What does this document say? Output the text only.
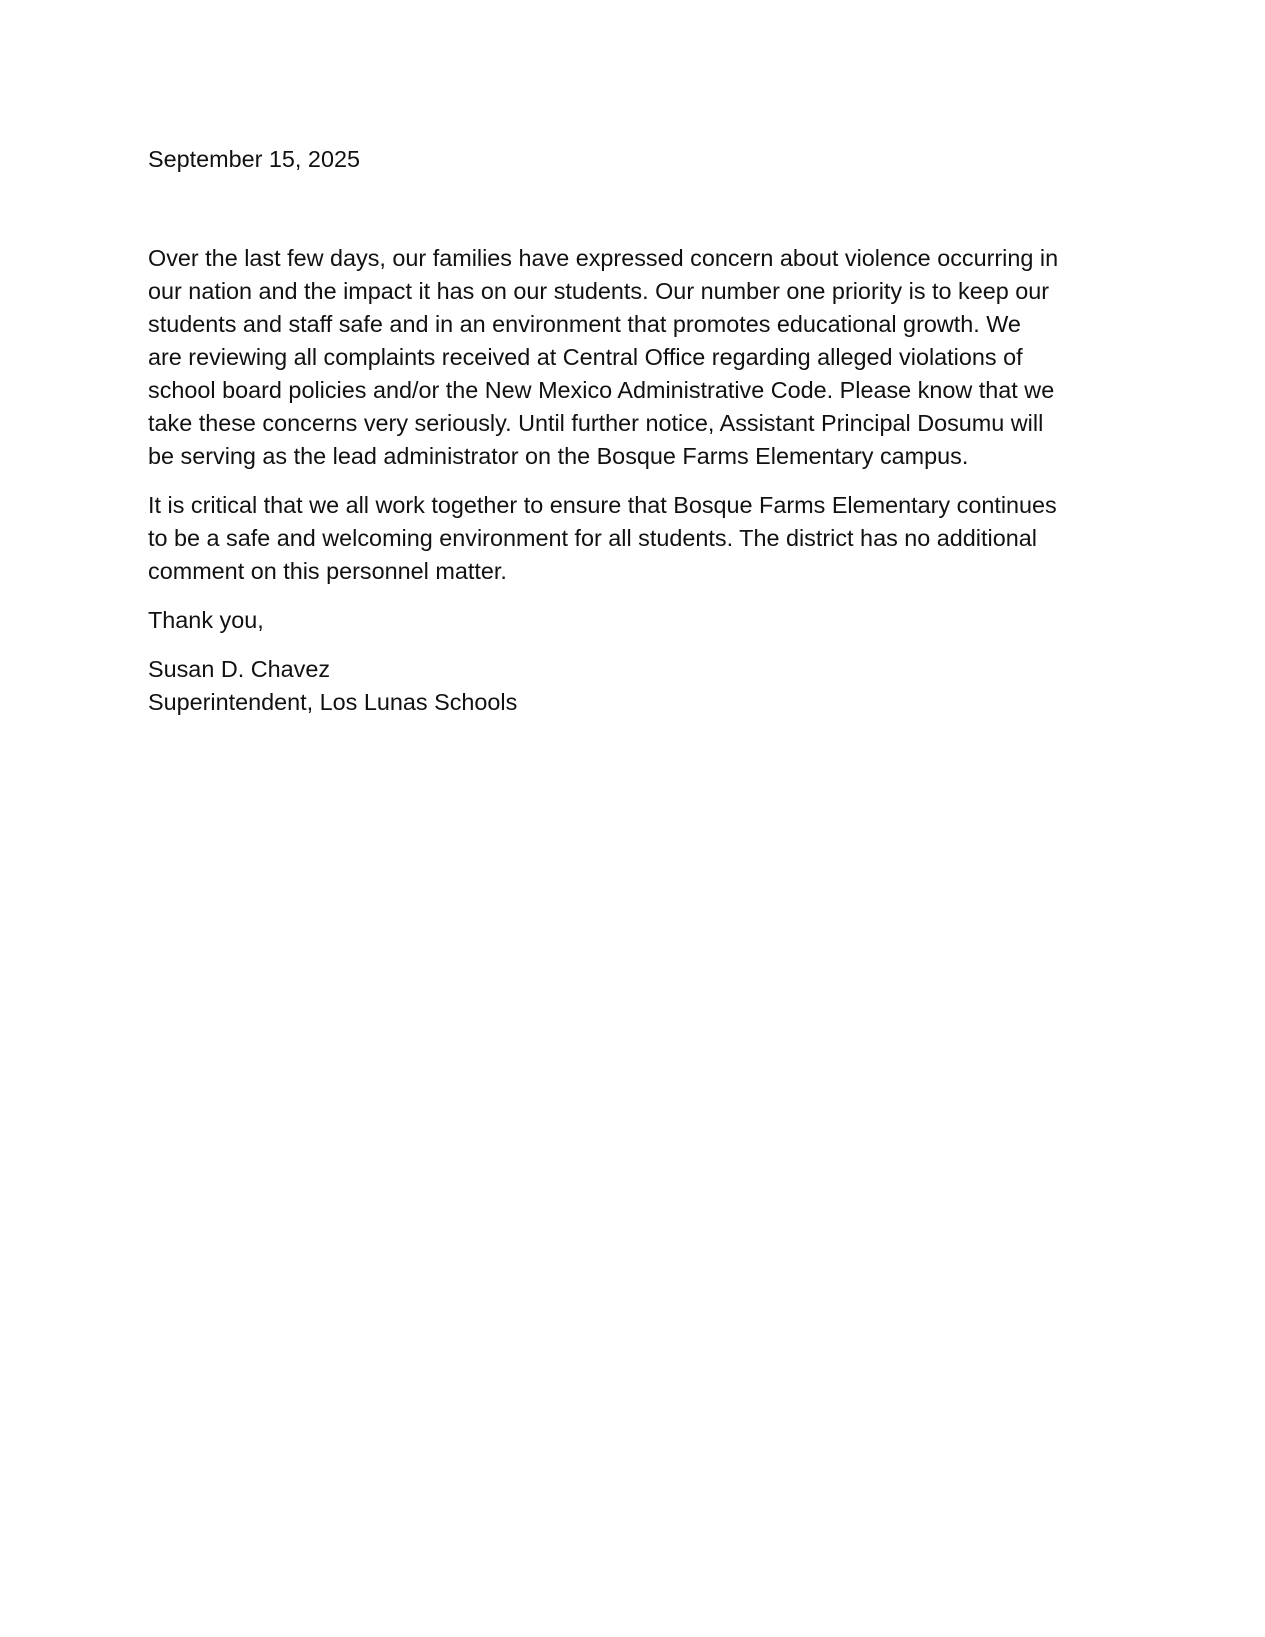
September 15, 2025

Over the last few days, our families have expressed concern about violence occurring in
our nation and the impact it has on our students. Our number one priority is to keep our
students and staff safe and in an environment that promotes educational growth. We
are reviewing all complaints received at Central Office regarding alleged violations of
school board policies and/or the New Mexico Administrative Code. Please know that we
take these concerns very seriously. Until further notice, Assistant Principal Dosumu will
be serving as the lead administrator on the Bosque Farms Elementary campus.

It is critical that we all work together to ensure that Bosque Farms Elementary continues
to be a safe and welcoming environment for all students. The district has no additional
comment on this personnel matter.

Thank you,

Susan D. Chavez
Superintendent, Los Lunas Schools
